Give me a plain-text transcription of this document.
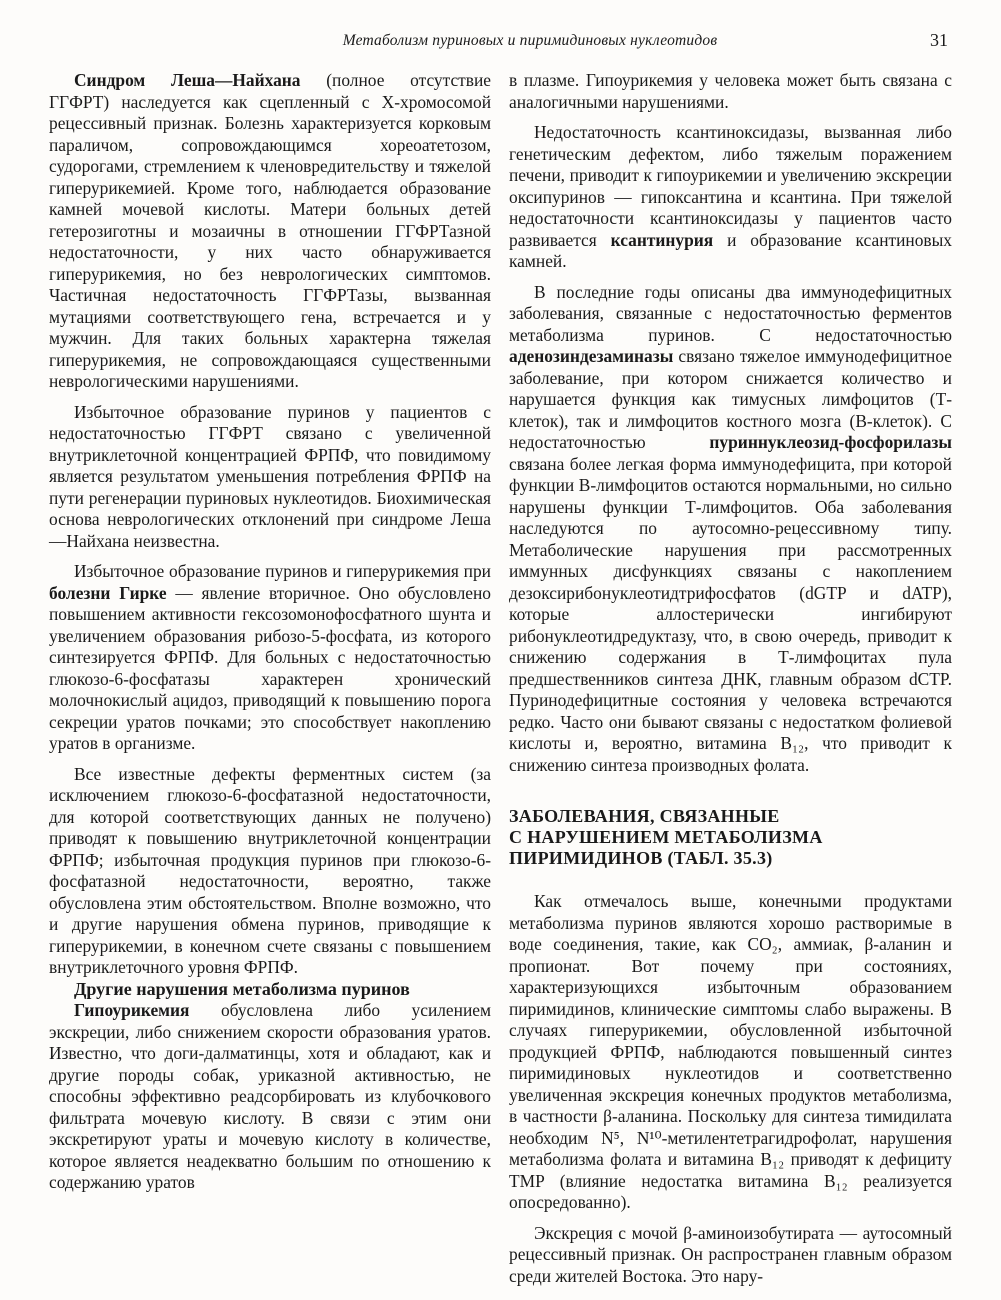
Метаболизм пуриновых и пиримидиновых нуклеотидов	31

Синдром Леша—Найхана (полное отсутствие ГГФРТ) наследуется как сцепленный с Х-хромосомой рецессивный признак. Болезнь характеризуется корковым параличом, сопровождающимся хореоатетозом, судорогами, стремлением к членовредительству и тяжелой гиперурикемией. Кроме того, наблюдается образование камней мочевой кислоты. Матери больных детей гетерозиготны и мозаичны в отношении ГГФРТазной недостаточности, у них часто обнаруживается гиперурикемия, но без неврологических симптомов. Частичная недостаточность ГГФРТазы, вызванная мутациями соответствующего гена, встречается и у мужчин. Для таких больных характерна тяжелая гиперурикемия, не сопровождающаяся существенными неврологическими нарушениями.

Избыточное образование пуринов у пациентов с недостаточностью ГГФРТ связано с увеличенной внутриклеточной концентрацией ФРПФ, что повидимому является результатом уменьшения потребления ФРПФ на пути регенерации пуриновых нуклеотидов. Биохимическая основа неврологических отклонений при синдроме Леша—Найхана неизвестна.

Избыточное образование пуринов и гиперурикемия при болезни Гирке — явление вторичное. Оно обусловлено повышением активности гексозомонофосфатного шунта и увеличением образования рибозо-5-фосфата, из которого синтезируется ФРПФ. Для больных с недостаточностью глюкозо-6-фосфатазы характерен хронический молочнокислый ацидоз, приводящий к повышению порога секреции уратов почками; это способствует накоплению уратов в организме.

Все известные дефекты ферментных систем (за исключением глюкозо-6-фосфатазной недостаточности, для которой соответствующих данных не получено) приводят к повышению внутриклеточной концентрации ФРПФ; избыточная продукция пуринов при глюкозо-6-фосфатазной недостаточности, вероятно, также обусловлена этим обстоятельством. Вполне возможно, что и другие нарушения обмена пуринов, приводящие к гиперурикемии, в конечном счете связаны с повышением внутриклеточного уровня ФРПФ.

Другие нарушения метаболизма пуринов

Гипоурикемия обусловлена либо усилением экскреции, либо снижением скорости образования уратов. Известно, что доги-далматинцы, хотя и обладают, как и другие породы собак, уриказной активностью, не способны эффективно реадсорбировать из клубочкового фильтрата мочевую кислоту. В связи с этим они экскретируют ураты и мочевую кислоту в количестве, которое является неадекватно большим по отношению к содержанию уратов

в плазме. Гипоурикемия у человека может быть связана с аналогичными нарушениями.

Недостаточность ксантиноксидазы, вызванная либо генетическим дефектом, либо тяжелым поражением печени, приводит к гипоурикемии и увеличению экскреции оксипуринов — гипоксантина и ксантина. При тяжелой недостаточности ксантиноксидазы у пациентов часто развивается ксантинурия и образование ксантиновых камней.

В последние годы описаны два иммунодефицитных заболевания, связанные с недостаточностью ферментов метаболизма пуринов. С недостаточностью аденозиндезаминазы связано тяжелое иммунодефицитное заболевание, при котором снижается количество и нарушается функция как тимусных лимфоцитов (Т-клеток), так и лимфоцитов костного мозга (В-клеток). С недостаточностью пуриннуклеозид-фосфорилазы связана более легкая форма иммунодефицита, при которой функции В-лимфоцитов остаются нормальными, но сильно нарушены функции Т-лимфоцитов. Оба заболевания наследуются по аутосомно-рецессивному типу. Метаболические нарушения при рассмотренных иммунных дисфункциях связаны с накоплением дезоксирибонуклеотидтрифосфатов (dGTP и dATP), которые аллостерически ингибируют рибонуклеотидредуктазу, что, в свою очередь, приводит к снижению содержания в Т-лимфоцитах пула предшественников синтеза ДНК, главным образом dCTP. Пуринодефицитные состояния у человека встречаются редко. Часто они бывают связаны с недостатком фолиевой кислоты и, вероятно, витамина B₁₂, что приводит к снижению синтеза производных фолата.

ЗАБОЛЕВАНИЯ, СВЯЗАННЫЕ
С НАРУШЕНИЕМ МЕТАБОЛИЗМА
ПИРИМИДИНОВ (ТАБЛ. 35.3)

Как отмечалось выше, конечными продуктами метаболизма пуринов являются хорошо растворимые в воде соединения, такие, как CO₂, аммиак, β-аланин и пропионат. Вот почему при состояниях, характеризующихся избыточным образованием пиримидинов, клинические симптомы слабо выражены. В случаях гиперурикемии, обусловленной избыточной продукцией ФРПФ, наблюдаются повышенный синтез пиримидиновых нуклеотидов и соответственно увеличенная экскреция конечных продуктов метаболизма, в частности β-аланина. Поскольку для синтеза тимидилата необходим N⁵, N¹⁰-метилентетрагидрофолат, нарушения метаболизма фолата и витамина B₁₂ приводят к дефициту TMP (влияние недостатка витамина B₁₂ реализуется опосредованно).

Экскреция с мочой β-аминоизобутирата — аутосомный рецессивный признак. Он распространен главным образом среди жителей Востока. Это нару-
